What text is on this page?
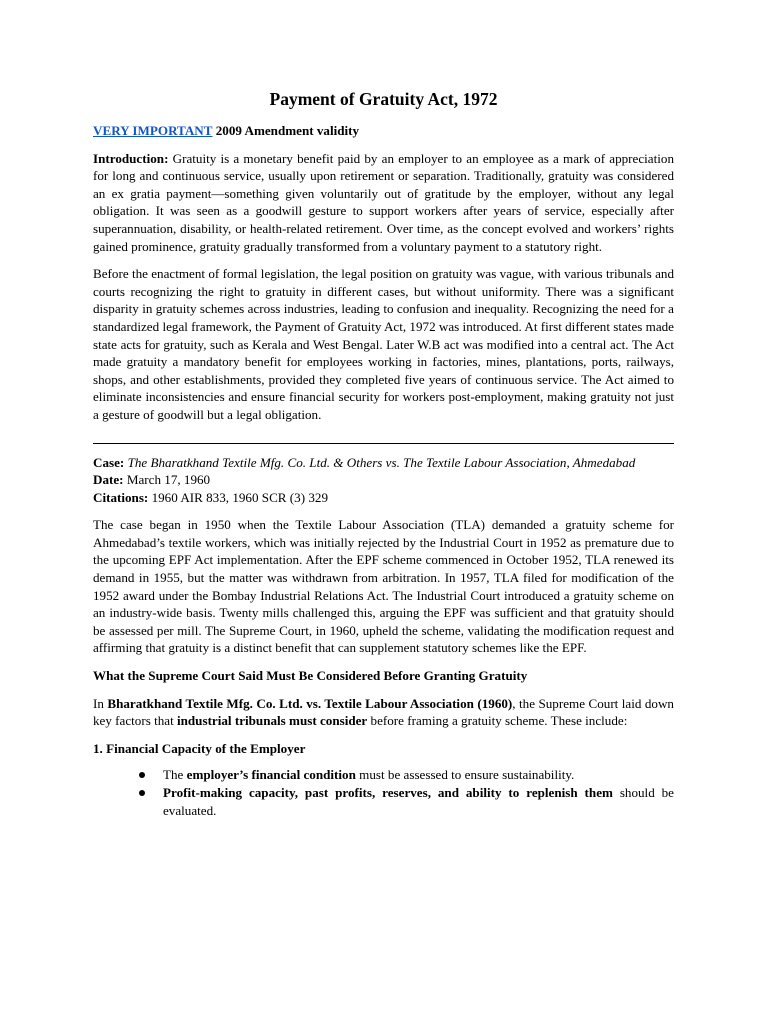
Payment of Gratuity Act, 1972

VERY IMPORTANT 2009 Amendment validity

Introduction: Gratuity is a monetary benefit paid by an employer to an employee as a mark of appreciation for long and continuous service, usually upon retirement or separation. Traditionally, gratuity was considered an ex gratia payment—something given voluntarily out of gratitude by the employer, without any legal obligation. It was seen as a goodwill gesture to support workers after years of service, especially after superannuation, disability, or health-related retirement. Over time, as the concept evolved and workers’ rights gained prominence, gratuity gradually transformed from a voluntary payment to a statutory right.

Before the enactment of formal legislation, the legal position on gratuity was vague, with various tribunals and courts recognizing the right to gratuity in different cases, but without uniformity. There was a significant disparity in gratuity schemes across industries, leading to confusion and inequality. Recognizing the need for a standardized legal framework, the Payment of Gratuity Act, 1972 was introduced. At first different states made state acts for gratuity, such as Kerala and West Bengal. Later W.B act was modified into a central act. The Act made gratuity a mandatory benefit for employees working in factories, mines, plantations, ports, railways, shops, and other establishments, provided they completed five years of continuous service. The Act aimed to eliminate inconsistencies and ensure financial security for workers post-employment, making gratuity not just a gesture of goodwill but a legal obligation.

Case: The Bharatkhand Textile Mfg. Co. Ltd. & Others vs. The Textile Labour Association, Ahmedabad

Date: March 17, 1960

Citations: 1960 AIR 833, 1960 SCR (3) 329

The case began in 1950 when the Textile Labour Association (TLA) demanded a gratuity scheme for Ahmedabad’s textile workers, which was initially rejected by the Industrial Court in 1952 as premature due to the upcoming EPF Act implementation. After the EPF scheme commenced in October 1952, TLA renewed its demand in 1955, but the matter was withdrawn from arbitration. In 1957, TLA filed for modification of the 1952 award under the Bombay Industrial Relations Act. The Industrial Court introduced a gratuity scheme on an industry-wide basis. Twenty mills challenged this, arguing the EPF was sufficient and that gratuity should be assessed per mill. The Supreme Court, in 1960, upheld the scheme, validating the modification request and affirming that gratuity is a distinct benefit that can supplement statutory schemes like the EPF.

What the Supreme Court Said Must Be Considered Before Granting Gratuity

In Bharatkhand Textile Mfg. Co. Ltd. vs. Textile Labour Association (1960), the Supreme Court laid down key factors that industrial tribunals must consider before framing a gratuity scheme. These include:

1. Financial Capacity of the Employer

The employer’s financial condition must be assessed to ensure sustainability.
Profit-making capacity, past profits, reserves, and ability to replenish them should be evaluated.
